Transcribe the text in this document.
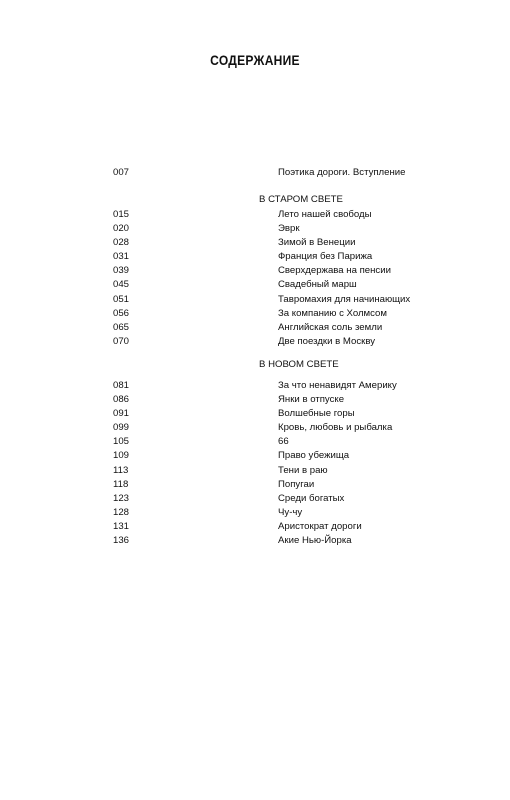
СОДЕРЖАНИЕ
007	Поэтика дороги. Вступление
В СТАРОМ СВЕТЕ
015	Лето нашей свободы
020	Эврк
028	Зимой в Венеции
031	Франция без Парижа
039	Сверхдержава на пенсии
045	Свадебный марш
051	Тавромахия для начинающих
056	За компанию с Холмсом
065	Английская соль земли
070	Две поездки в Москву
В НОВОМ СВЕТЕ
081	За что ненавидят Америку
086	Янки в отпуске
091	Волшебные горы
099	Кровь, любовь и рыбалка
105	66
109	Право убежища
113	Тени в раю
118	Попугаи
123	Среди богатых
128	Чу-чу
131	Аристократ дороги
136	Акие Нью-Йорка
